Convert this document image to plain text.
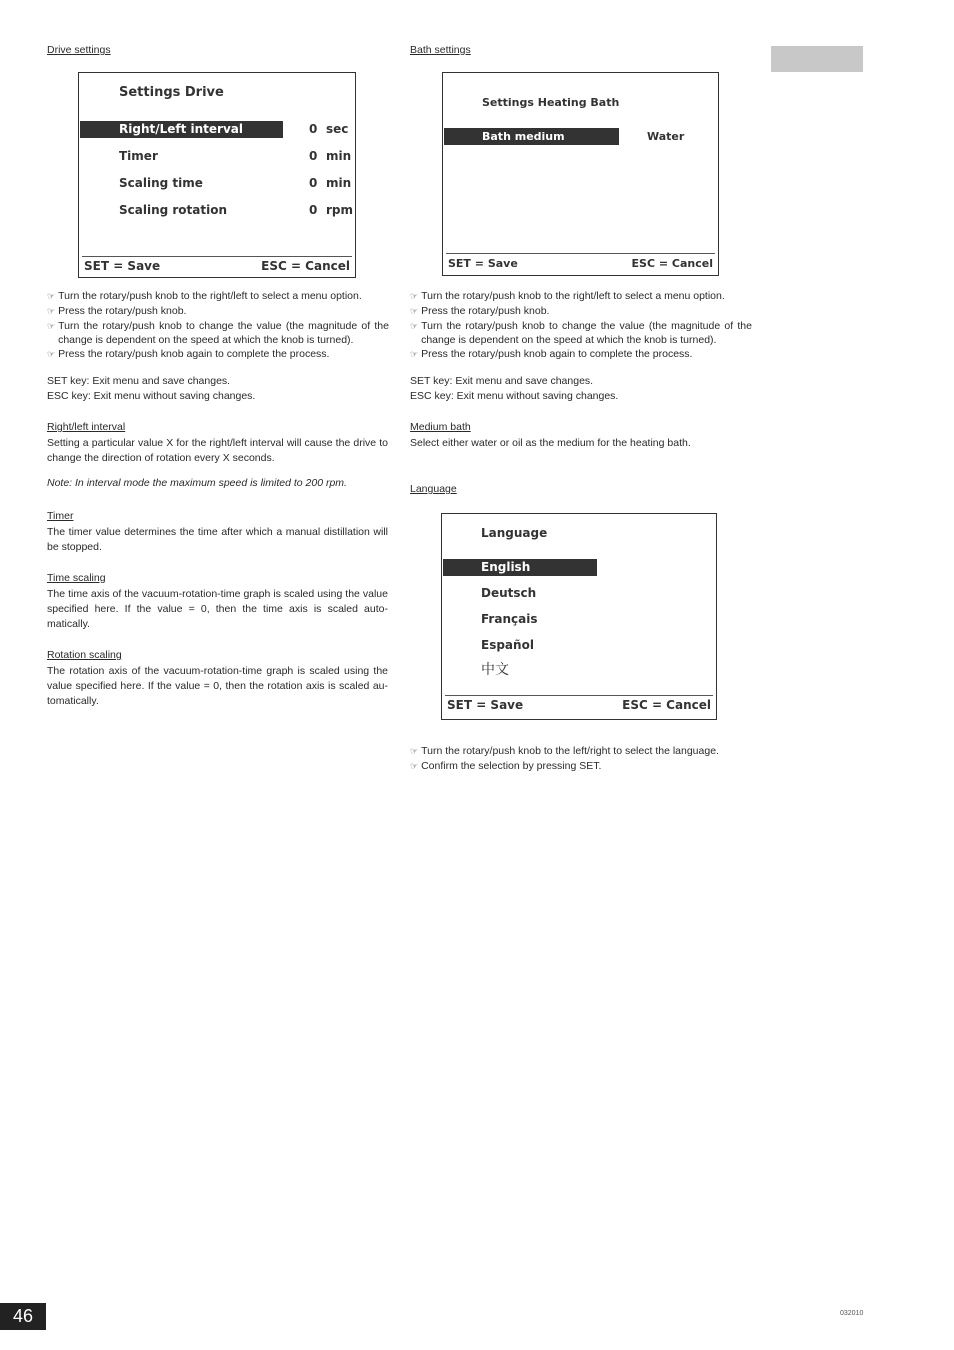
Drive settings
Settings Drive
Right/Left interval	0 sec
Timer	0 min
Scaling time	0 min
Scaling rotation	0 rpm
SET = Save	ESC = Cancel
☞ Turn the rotary/push knob to the right/left to select a menu option.
☞ Press the rotary/push knob.
☞ Turn the rotary/push knob to change the value (the magnitude of the change is dependent on the speed at which the knob is turned).
☞ Press the rotary/push knob again to complete the process.
SET key: Exit menu and save changes.
ESC key: Exit menu without saving changes.
Right/left interval
Setting a particular value X for the right/left interval will cause the drive to change the direction of rotation every X seconds.
Note: In interval mode the maximum speed is limited to 200 rpm.
Timer
The timer value determines the time after which a manual distillation will be stopped.
Time scaling
The time axis of the vacuum-rotation-time graph is scaled using the value specified here. If the value = 0, then the time axis is scaled auto-matically.
Rotation scaling
The rotation axis of the vacuum-rotation-time graph is scaled using the value specified here. If the value = 0, then the rotation axis is scaled au-tomatically.
Bath settings
Settings Heating Bath
Bath medium	Water
SET = Save	ESC = Cancel
☞ Turn the rotary/push knob to the right/left to select a menu option.
☞ Press the rotary/push knob.
☞ Turn the rotary/push knob to change the value (the magnitude of the change is dependent on the speed at which the knob is turned).
☞ Press the rotary/push knob again to complete the process.
SET key: Exit menu and save changes.
ESC key: Exit menu without saving changes.
Medium bath
Select either water or oil as the medium for the heating bath.
Language
Language
English
Deutsch
Français
Español
中文
SET = Save	ESC = Cancel
☞ Turn the rotary/push knob to the left/right to select the language.
☞ Confirm the selection by pressing SET.
46	032010
